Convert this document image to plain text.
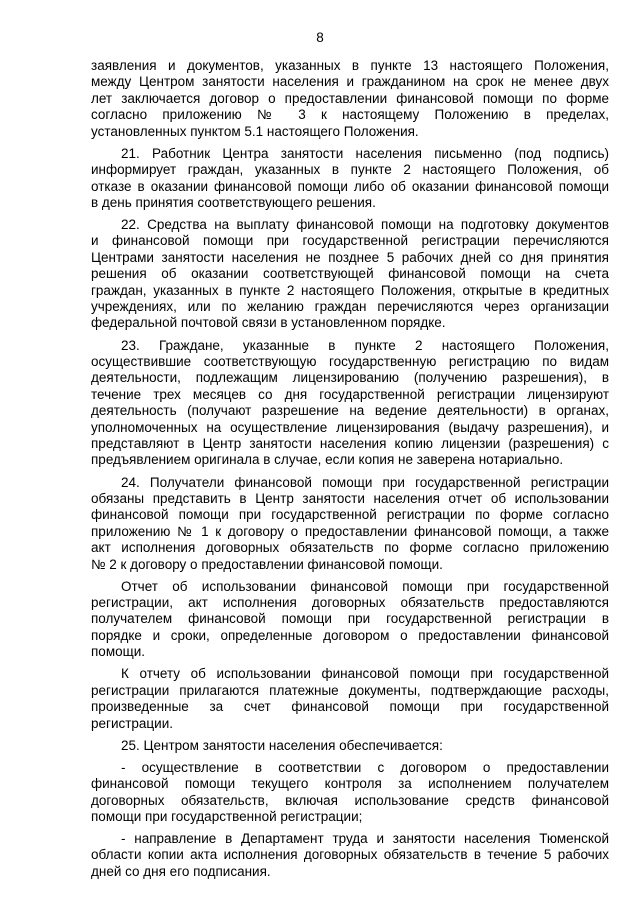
8
заявления и документов, указанных в пункте 13 настоящего Положения,
между Центром занятости населения и гражданином на срок не менее двух
лет заключается договор о предоставлении финансовой помощи по форме
согласно приложению № 3 к настоящему Положению в пределах,
установленных пунктом 5.1 настоящего Положения.
21. Работник Центра занятости населения письменно (под подпись)
информирует граждан, указанных в пункте 2 настоящего Положения, об
отказе в оказании финансовой помощи либо об оказании финансовой помощи
в день принятия соответствующего решения.
22. Средства на выплату финансовой помощи на подготовку документов
и финансовой помощи при государственной регистрации перечисляются
Центрами занятости населения не позднее 5 рабочих дней со дня принятия
решения об оказании соответствующей финансовой помощи на счета
граждан, указанных в пункте 2 настоящего Положения, открытые в кредитных
учреждениях, или по желанию граждан перечисляются через организации
федеральной почтовой связи в установленном порядке.
23. Граждане, указанные в пункте 2 настоящего Положения,
осуществившие соответствующую государственную регистрацию по видам
деятельности, подлежащим лицензированию (получению разрешения), в
течение трех месяцев со дня государственной регистрации лицензируют
деятельность (получают разрешение на ведение деятельности) в органах,
уполномоченных на осуществление лицензирования (выдачу разрешения), и
представляют в Центр занятости населения копию лицензии (разрешения) с
предъявлением оригинала в случае, если копия не заверена нотариально.
24. Получатели финансовой помощи при государственной регистрации
обязаны представить в Центр занятости населения отчет об использовании
финансовой помощи при государственной регистрации по форме согласно
приложению № 1 к договору о предоставлении финансовой помощи, а также
акт исполнения договорных обязательств по форме согласно приложению
№ 2 к договору о предоставлении финансовой помощи.
Отчет об использовании финансовой помощи при государственной
регистрации, акт исполнения договорных обязательств предоставляются
получателем финансовой помощи при государственной регистрации в
порядке и сроки, определенные договором о предоставлении финансовой
помощи.
К отчету об использовании финансовой помощи при государственной
регистрации прилагаются платежные документы, подтверждающие расходы,
произведенные за счет финансовой помощи при государственной
регистрации.
25. Центром занятости населения обеспечивается:
- осуществление в соответствии с договором о предоставлении
финансовой помощи текущего контроля за исполнением получателем
договорных обязательств, включая использование средств финансовой
помощи при государственной регистрации;
- направление в Департамент труда и занятости населения Тюменской
области копии акта исполнения договорных обязательств в течение 5 рабочих
дней со дня его подписания.
